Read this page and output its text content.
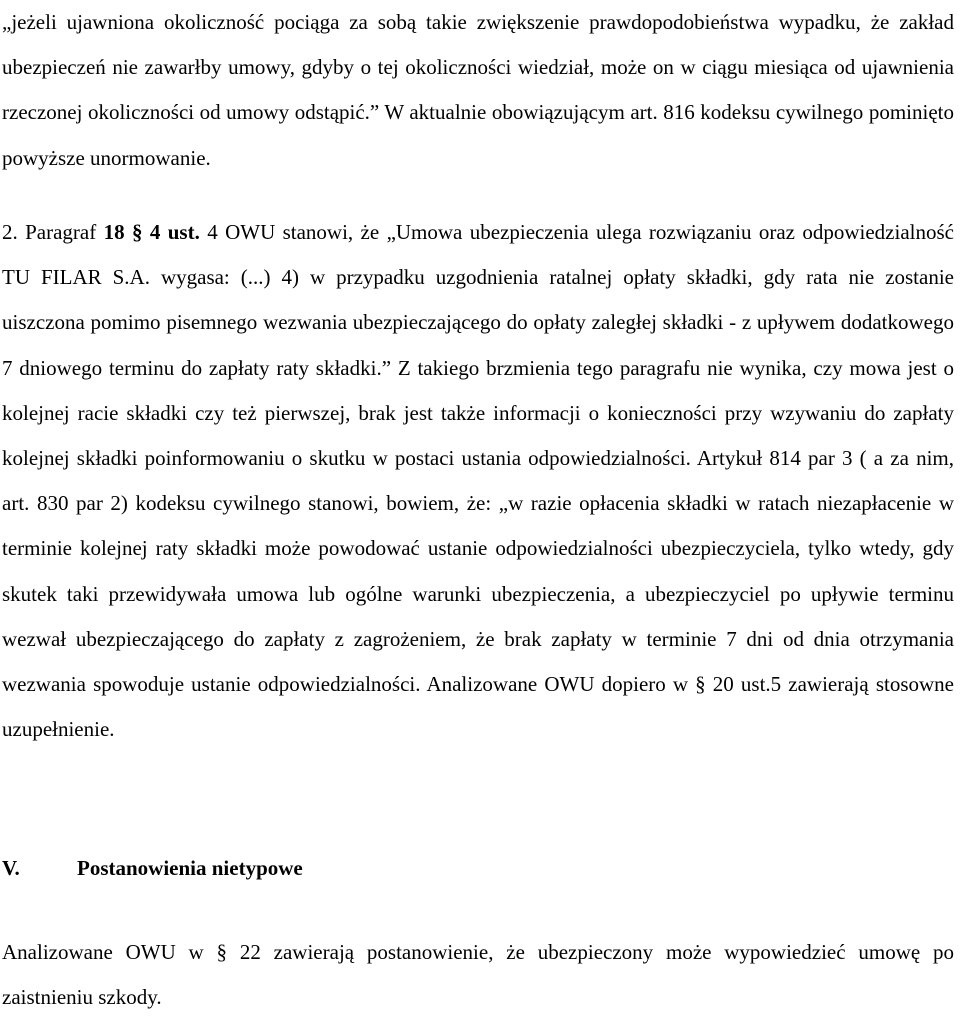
„jeżeli ujawniona okoliczność pociąga za sobą takie zwiększenie prawdopodobieństwa wypadku, że zakład ubezpieczeń nie zawarłby umowy, gdyby o tej okoliczności wiedział, może on w ciągu miesiąca od ujawnienia rzeczonej okoliczności od umowy odstąpić.” W aktualnie obowiązującym art. 816 kodeksu cywilnego pominięto powyższe unormowanie.

2. Paragraf 18 § 4 ust. 4 OWU stanowi, że „Umowa ubezpieczenia ulega rozwiązaniu oraz odpowiedzialność TU FILAR S.A. wygasa: (...) 4) w przypadku uzgodnienia ratalnej opłaty składki, gdy rata nie zostanie uiszczona pomimo pisemnego wezwania ubezpieczającego do opłaty zaległej składki - z upływem dodatkowego 7 dniowego terminu do zapłaty raty składki.” Z takiego brzmienia tego paragrafu nie wynika, czy mowa jest o kolejnej racie składki czy też pierwszej, brak jest także informacji o konieczności przy wzywaniu do zapłaty kolejnej składki poinformowaniu o skutku w postaci ustania odpowiedzialności. Artykuł 814 par 3 ( a za nim, art. 830 par 2) kodeksu cywilnego stanowi, bowiem, że: „w razie opłacenia składki w ratach niezapłacenie w terminie kolejnej raty składki może powodować ustanie odpowiedzialności ubezpieczyciela, tylko wtedy, gdy skutek taki przewidywała umowa lub ogólne warunki ubezpieczenia, a ubezpieczyciel po upływie terminu wezwał ubezpieczającego do zapłaty z zagrożeniem, że brak zapłaty w terminie 7 dni od dnia otrzymania wezwania spowoduje ustanie odpowiedzialności. Analizowane OWU dopiero w § 20 ust.5 zawierają stosowne uzupełnienie.

V.	Postanowienia nietypowe

Analizowane OWU w § 22 zawierają postanowienie, że ubezpieczony może wypowiedzieć umowę po zaistnieniu szkody.
